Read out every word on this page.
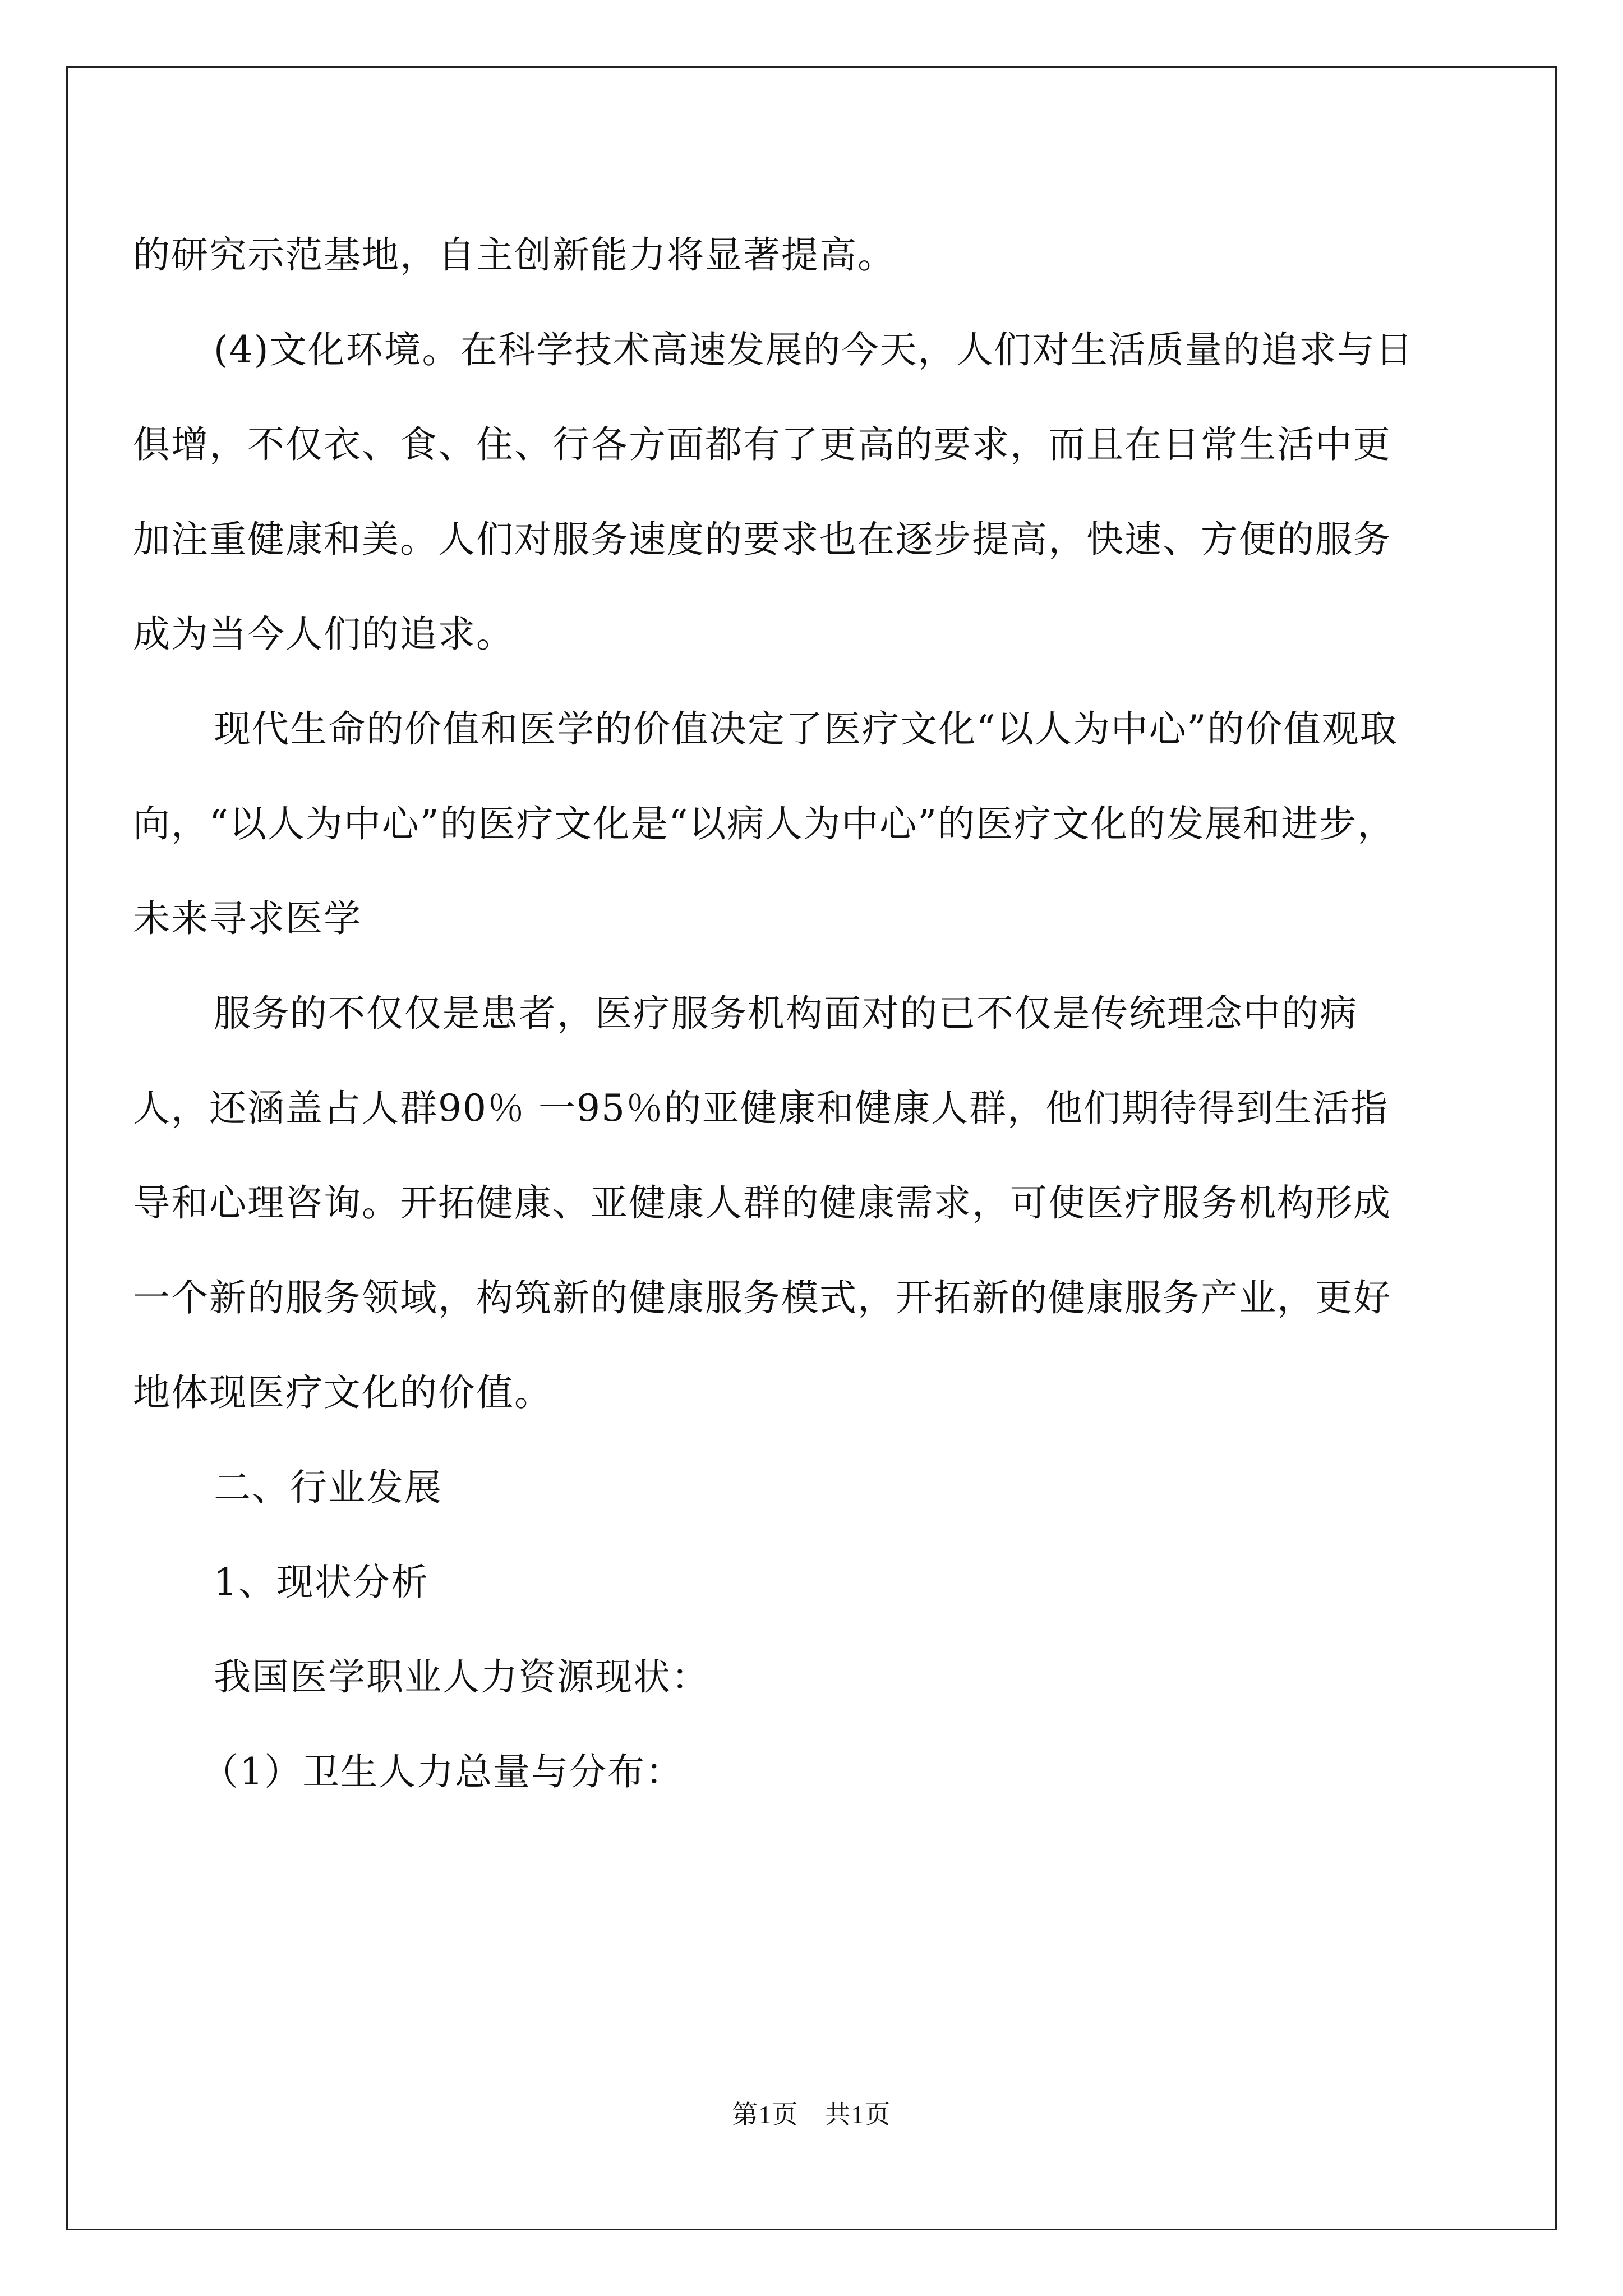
的研究示范基地，自主创新能力将显著提高。

(4)文化环境。在科学技术高速发展的今天，人们对生活质量的追求与日俱增，不仅衣、食、住、行各方面都有了更高的要求，而且在日常生活中更加注重健康和美。人们对服务速度的要求也在逐步提高，快速、方便的服务成为当今人们的追求。

现代生命的价值和医学的价值决定了医疗文化“以人为中心”的价值观取向，“以人为中心”的医疗文化是“以病人为中心”的医疗文化的发展和进步，未来寻求医学

服务的不仅仅是患者，医疗服务机构面对的已不仅是传统理念中的病人，还涵盖占人群90％ 一95％的亚健康和健康人群，他们期待得到生活指导和心理咨询。开拓健康、亚健康人群的健康需求，可使医疗服务机构形成一个新的服务领域，构筑新的健康服务模式，开拓新的健康服务产业，更好地体现医疗文化的价值。

二、行业发展

1、现状分析

我国医学职业人力资源现状：

（1）卫生人力总量与分布：

第1页　共1页
